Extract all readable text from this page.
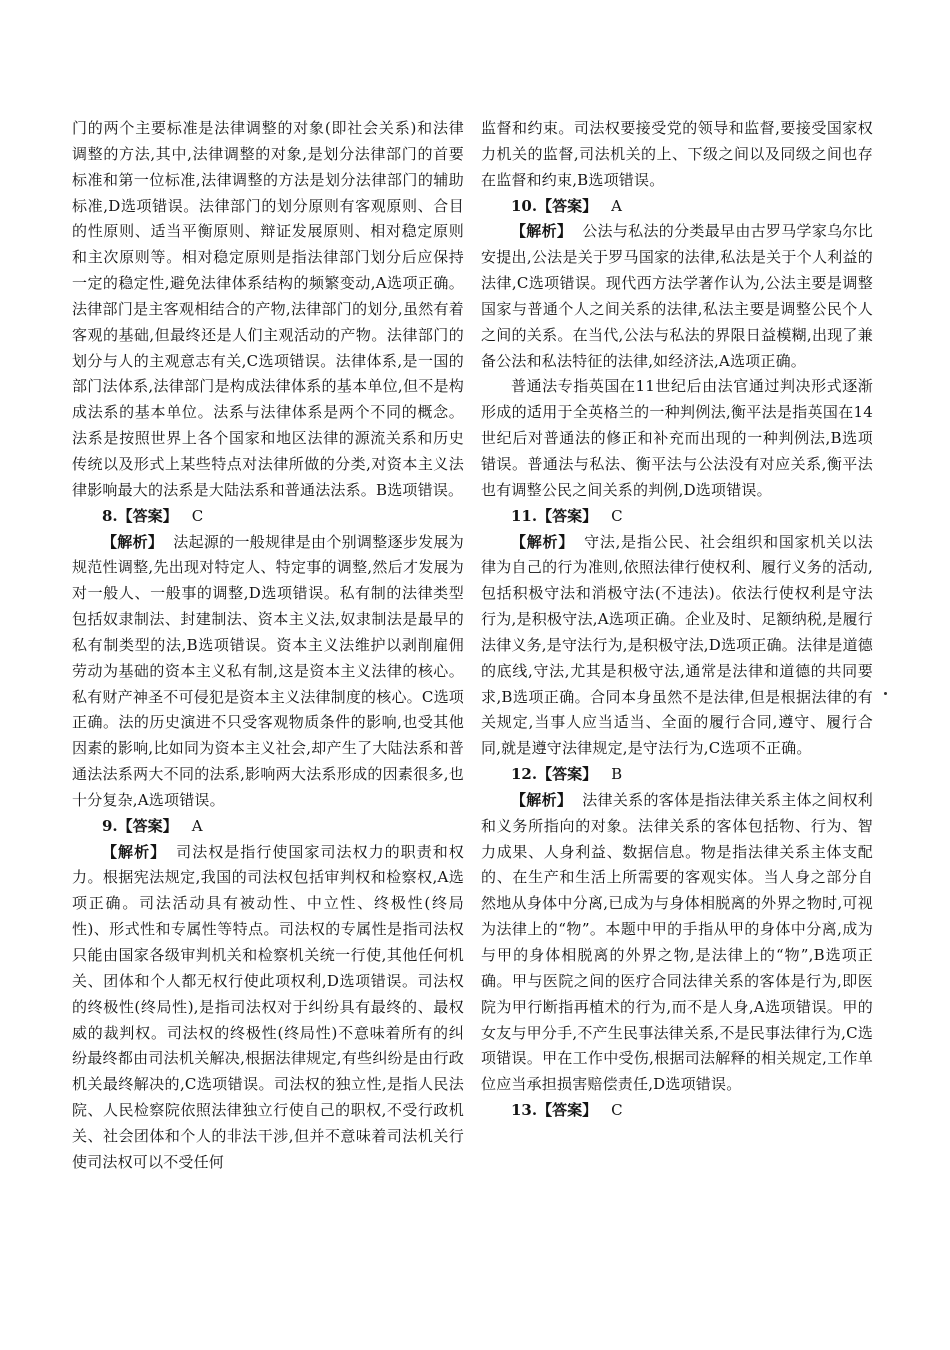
门的两个主要标准是法律调整的对象(即社会关系)和法律调整的方法,其中,法律调整的对象,是划分法律部门的首要标准和第一位标准,法律调整的方法是划分法律部门的辅助标准,D选项错误。法律部门的划分原则有客观原则、合目的性原则、适当平衡原则、辩证发展原则、相对稳定原则和主次原则等。相对稳定原则是指法律部门划分后应保持一定的稳定性,避免法律体系结构的频繁变动,A选项正确。法律部门是主客观相结合的产物,法律部门的划分,虽然有着客观的基础,但最终还是人们主观活动的产物。法律部门的划分与人的主观意志有关,C选项错误。法律体系,是一国的部门法体系,法律部门是构成法律体系的基本单位,但不是构成法系的基本单位。法系与法律体系是两个不同的概念。法系是按照世界上各个国家和地区法律的源流关系和历史传统以及形式上某些特点对法律所做的分类,对资本主义法律影响最大的法系是大陆法系和普通法法系。B选项错误。

8.【答案】 C

【解析】 法起源的一般规律是由个别调整逐步发展为规范性调整,先出现对特定人、特定事的调整,然后才发展为对一般人、一般事的调整,D选项错误。私有制的法律类型包括奴隶制法、封建制法、资本主义法,奴隶制法是最早的私有制类型的法,B选项错误。资本主义法维护以剥削雇佣劳动为基础的资本主义私有制,这是资本主义法律的核心。私有财产神圣不可侵犯是资本主义法律制度的核心。C选项正确。法的历史演进不只受客观物质条件的影响,也受其他因素的影响,比如同为资本主义社会,却产生了大陆法系和普通法法系两大不同的法系,影响两大法系形成的因素很多,也十分复杂,A选项错误。

9.【答案】 A

【解析】 司法权是指行使国家司法权力的职责和权力。根据宪法规定,我国的司法权包括审判权和检察权,A选项正确。司法活动具有被动性、中立性、终极性(终局性)、形式性和专属性等特点。司法权的专属性是指司法权只能由国家各级审判机关和检察机关统一行使,其他任何机关、团体和个人都无权行使此项权利,D选项错误。司法权的终极性(终局性),是指司法权对于纠纷具有最终的、最权威的裁判权。司法权的终极性(终局性)不意味着所有的纠纷最终都由司法机关解决,根据法律规定,有些纠纷是由行政机关最终解决的,C选项错误。司法权的独立性,是指人民法院、人民检察院依照法律独立行使自己的职权,不受行政机关、社会团体和个人的非法干涉,但并不意味着司法机关行使司法权可以不受任何

监督和约束。司法权要接受党的领导和监督,要接受国家权力机关的监督,司法机关的上、下级之间以及同级之间也存在监督和约束,B选项错误。

10.【答案】 A

【解析】 公法与私法的分类最早由古罗马学家乌尔比安提出,公法是关于罗马国家的法律,私法是关于个人利益的法律,C选项错误。现代西方法学著作认为,公法主要是调整国家与普通个人之间关系的法律,私法主要是调整公民个人之间的关系。在当代,公法与私法的界限日益模糊,出现了兼备公法和私法特征的法律,如经济法,A选项正确。

普通法专指英国在11世纪后由法官通过判决形式逐渐形成的适用于全英格兰的一种判例法,衡平法是指英国在14世纪后对普通法的修正和补充而出现的一种判例法,B选项错误。普通法与私法、衡平法与公法没有对应关系,衡平法也有调整公民之间关系的判例,D选项错误。

11.【答案】 C

【解析】 守法,是指公民、社会组织和国家机关以法律为自己的行为准则,依照法律行使权利、履行义务的活动,包括积极守法和消极守法(不违法)。依法行使权利是守法行为,是积极守法,A选项正确。企业及时、足额纳税,是履行法律义务,是守法行为,是积极守法,D选项正确。法律是道德的底线,守法,尤其是积极守法,通常是法律和道德的共同要求,B选项正确。合同本身虽然不是法律,但是根据法律的有关规定,当事人应当适当、全面的履行合同,遵守、履行合同,就是遵守法律规定,是守法行为,C选项不正确。

12.【答案】 B

【解析】 法律关系的客体是指法律关系主体之间权利和义务所指向的对象。法律关系的客体包括物、行为、智力成果、人身利益、数据信息。物是指法律关系主体支配的、在生产和生活上所需要的客观实体。当人身之部分自然地从身体中分离,已成为与身体相脱离的外界之物时,可视为法律上的“物”。本题中甲的手指从甲的身体中分离,成为与甲的身体相脱离的外界之物,是法律上的“物”,B选项正确。甲与医院之间的医疗合同法律关系的客体是行为,即医院为甲行断指再植术的行为,而不是人身,A选项错误。甲的女友与甲分手,不产生民事法律关系,不是民事法律行为,C选项错误。甲在工作中受伤,根据司法解释的相关规定,工作单位应当承担损害赔偿责任,D选项错误。

13.【答案】 C
